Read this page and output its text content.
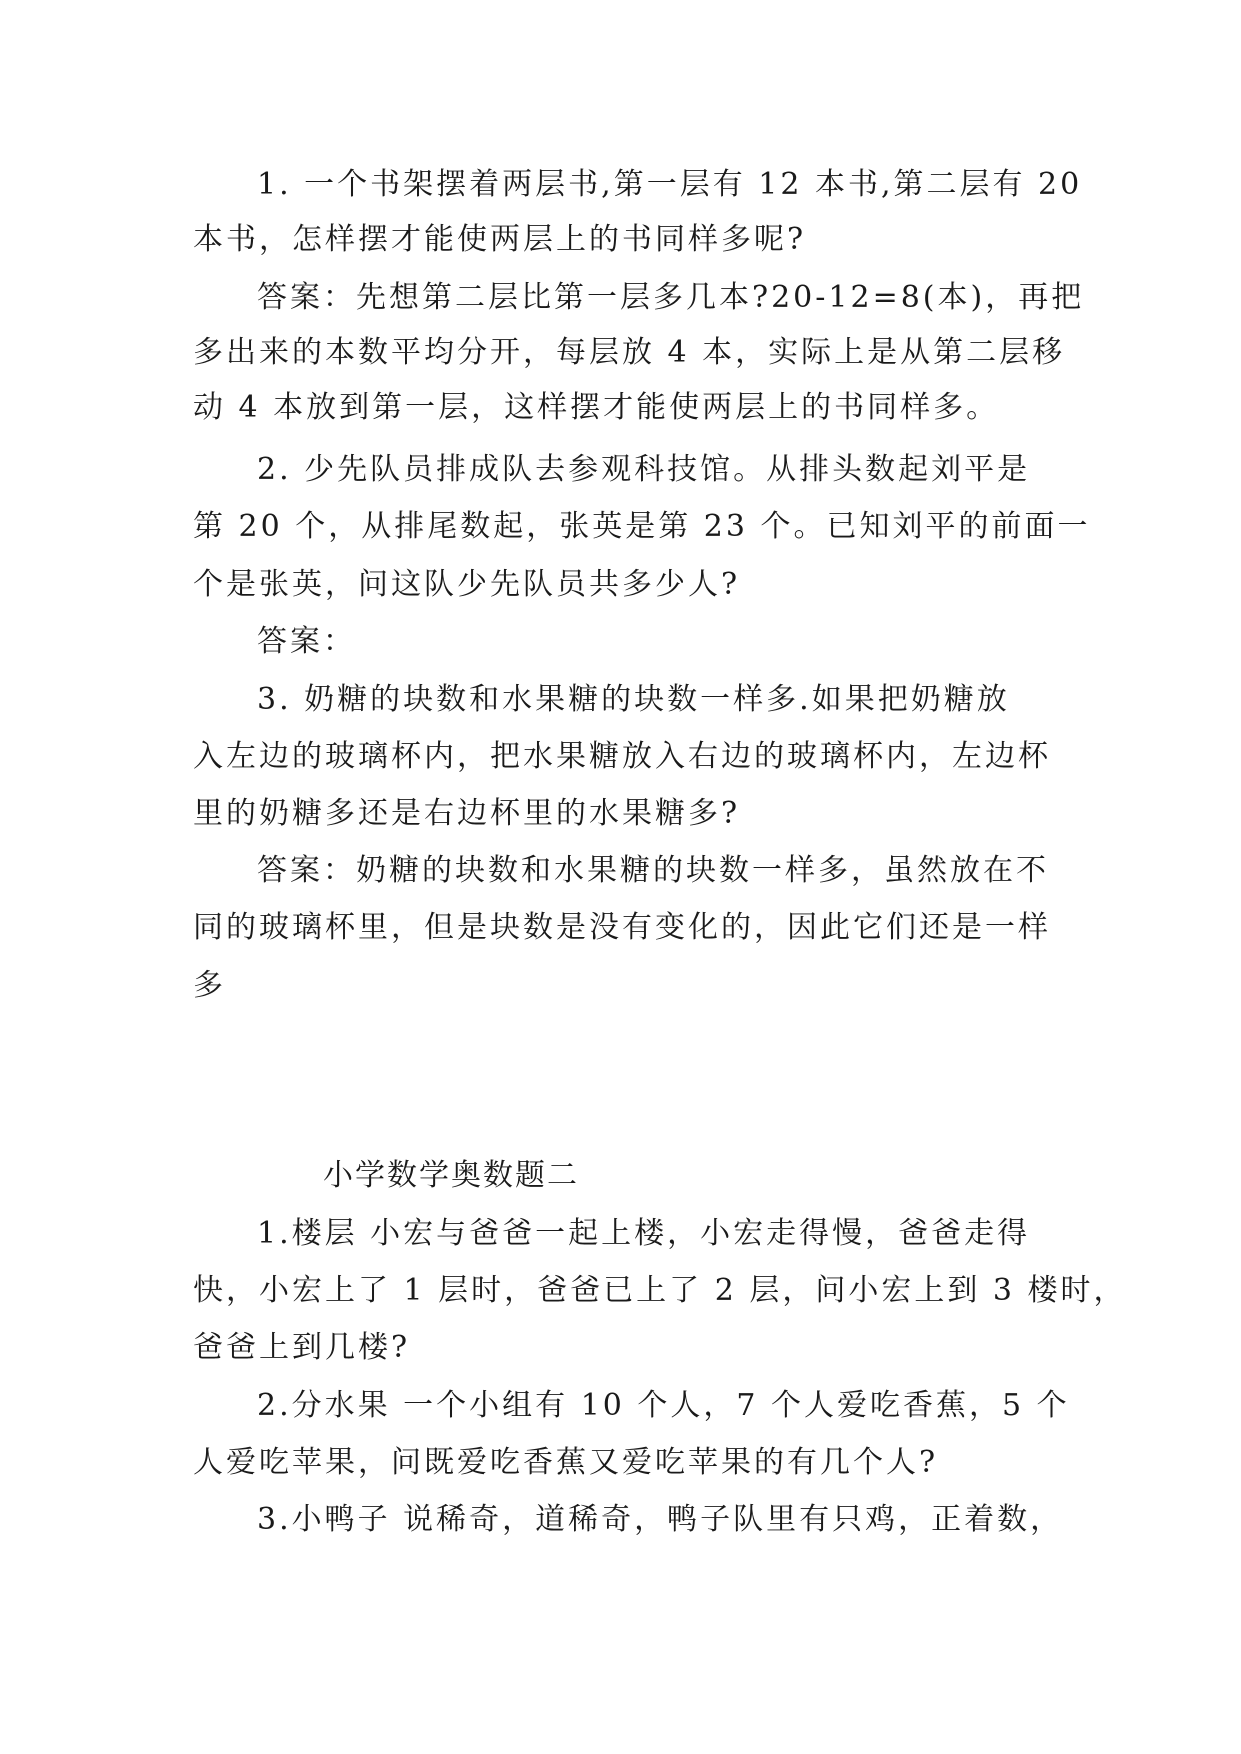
1. 一个书架摆着两层书,第一层有 12 本书,第二层有 20
本书，怎样摆才能使两层上的书同样多呢?
答案：先想第二层比第一层多几本?20-12=8(本)，再把
多出来的本数平均分开，每层放 4 本，实际上是从第二层移
动 4 本放到第一层，这样摆才能使两层上的书同样多。
2. 少先队员排成队去参观科技馆。从排头数起刘平是
第 20 个，从排尾数起，张英是第 23 个。已知刘平的前面一
个是张英，问这队少先队员共多少人?
答案：
3. 奶糖的块数和水果糖的块数一样多.如果把奶糖放
入左边的玻璃杯内，把水果糖放入右边的玻璃杯内，左边杯
里的奶糖多还是右边杯里的水果糖多?
答案：奶糖的块数和水果糖的块数一样多，虽然放在不
同的玻璃杯里，但是块数是没有变化的，因此它们还是一样
多
小学数学奥数题二
1.楼层 小宏与爸爸一起上楼，小宏走得慢，爸爸走得
快，小宏上了 1 层时，爸爸已上了 2 层，问小宏上到 3 楼时，
爸爸上到几楼?
2.分水果 一个小组有 10 个人，7 个人爱吃香蕉，5 个
人爱吃苹果，问既爱吃香蕉又爱吃苹果的有几个人?
3.小鸭子 说稀奇，道稀奇，鸭子队里有只鸡，正着数，
